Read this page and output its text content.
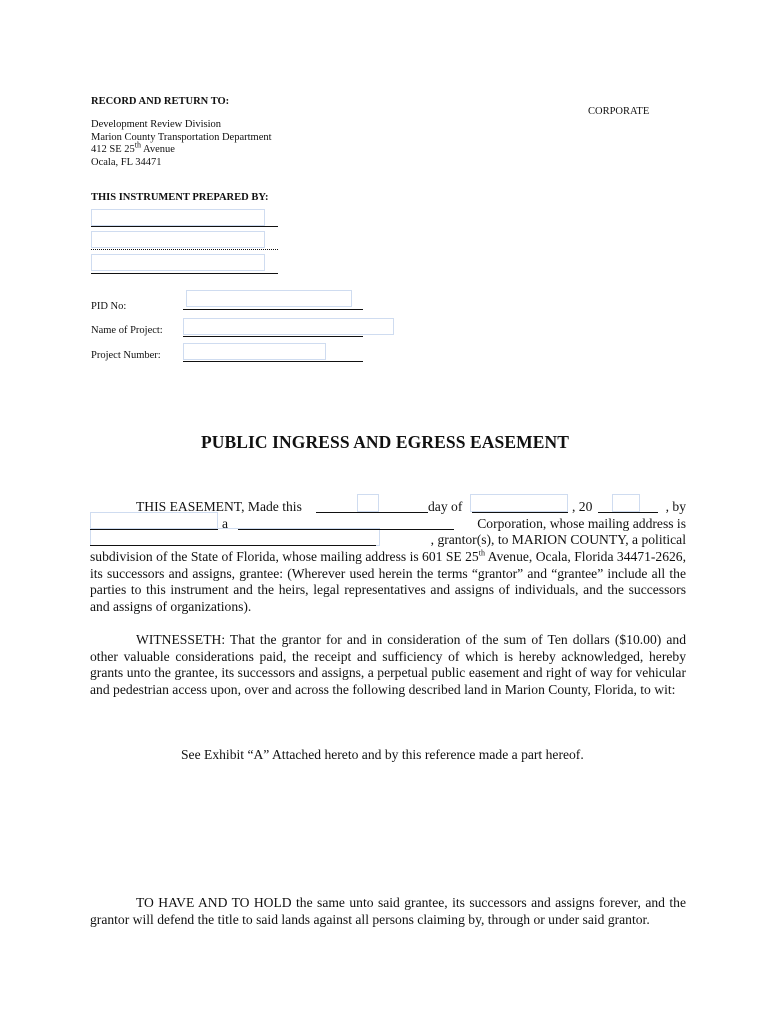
RECORD AND RETURN TO:
CORPORATE
Development Review Division
Marion County Transportation Department
412 SE 25th Avenue
Ocala, FL 34471
THIS INSTRUMENT PREPARED BY:
PID No:
Name of Project:
Project Number:
PUBLIC INGRESS AND EGRESS EASEMENT
THIS EASEMENT, Made this	day of	, 20	, by
a	Corporation, whose mailing address is
, grantor(s), to MARION COUNTY, a political
subdivision of the State of Florida, whose mailing address is 601 SE 25th Avenue, Ocala, Florida 34471-2626,
its successors and assigns, grantee: (Wherever used herein the terms “grantor” and “grantee” include all the parties to this instrument and the heirs, legal representatives and assigns of individuals, and the successors and assigns of organizations).
WITNESSETH: That the grantor for and in consideration of the sum of Ten dollars ($10.00) and other valuable considerations paid, the receipt and sufficiency of which is hereby acknowledged, hereby grants unto the grantee, its successors and assigns, a perpetual public easement and right of way for vehicular and pedestrian access upon, over and across the following described land in Marion County, Florida, to wit:
See Exhibit “A” Attached hereto and by this reference made a part hereof.
TO HAVE AND TO HOLD the same unto said grantee, its successors and assigns forever, and the grantor will defend the title to said lands against all persons claiming by, through or under said grantor.
